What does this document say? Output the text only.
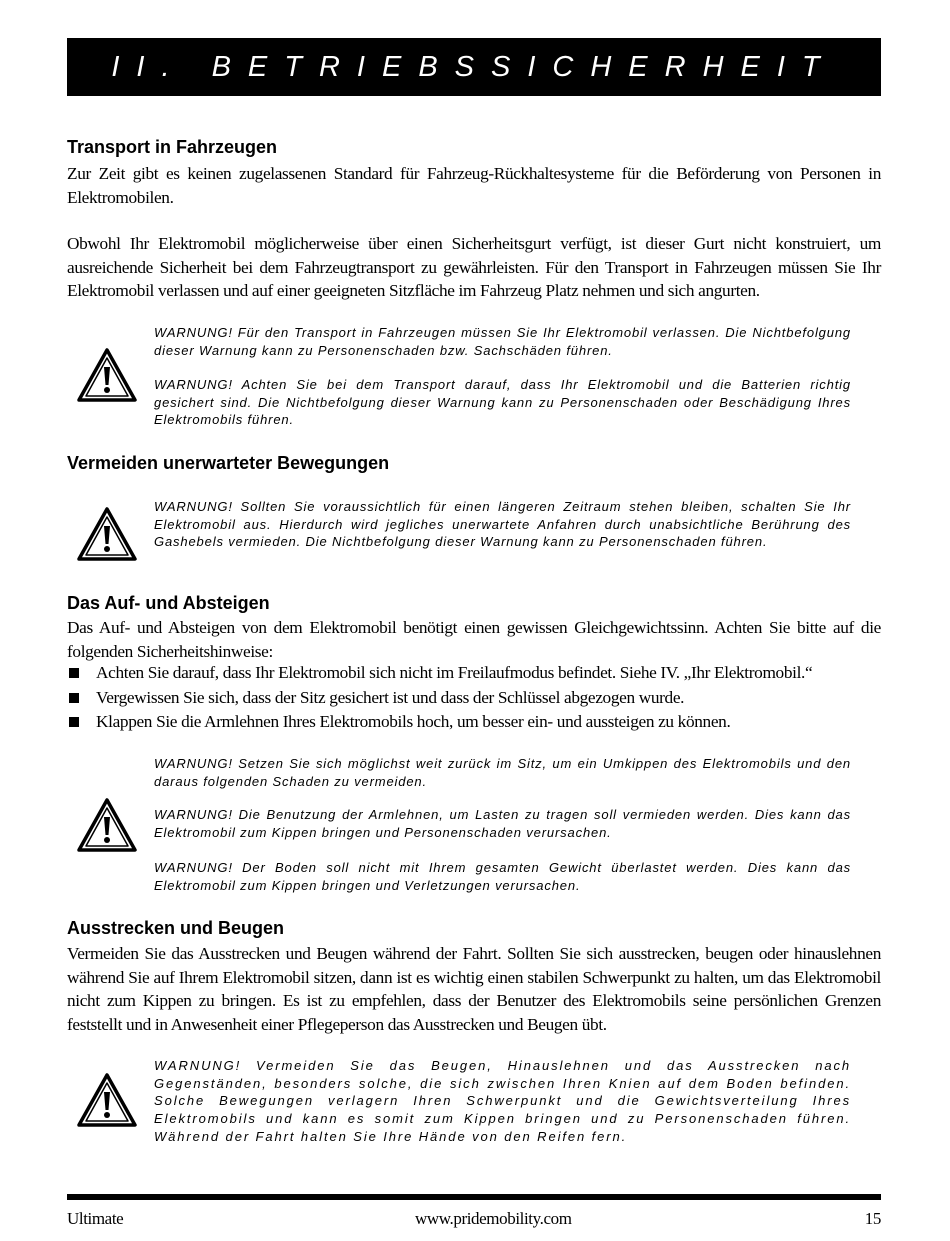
II. BETRIEBSSICHERHEIT
Transport in Fahrzeugen

Zur Zeit gibt es keinen zugelassenen Standard für Fahrzeug-Rückhaltesysteme für die Beförderung von Personen in Elektromobilen.

Obwohl Ihr Elektromobil möglicherweise über einen Sicherheitsgurt verfügt, ist dieser Gurt nicht konstruiert, um ausreichende Sicherheit bei dem Fahrzeugtransport zu gewährleisten. Für den Transport in Fahrzeugen müssen Sie Ihr Elektromobil verlassen und auf einer geeigneten Sitzfläche im Fahrzeug Platz nehmen und sich angurten.

WARNUNG! Für den Transport in Fahrzeugen müssen Sie Ihr Elektromobil verlassen. Die Nichtbefolgung dieser Warnung kann zu Personenschaden bzw. Sachschäden führen.

WARNUNG! Achten Sie bei dem Transport darauf, dass Ihr Elektromobil und die Batterien richtig gesichert sind. Die Nichtbefolgung dieser Warnung kann zu Personenschaden oder Beschädigung Ihres Elektromobils führen.

Vermeiden unerwarteter Bewegungen

WARNUNG! Sollten Sie voraussichtlich für einen längeren Zeitraum stehen bleiben, schalten Sie Ihr Elektromobil aus. Hierdurch wird jegliches unerwartete Anfahren durch unabsichtliche Berührung des Gashebels vermieden. Die Nichtbefolgung dieser Warnung kann zu Personenschaden führen.

Das Auf- und Absteigen

Das Auf- und Absteigen von dem Elektromobil benötigt einen gewissen Gleichgewichtssinn. Achten Sie bitte auf die folgenden Sicherheitshinweise:

Achten Sie darauf, dass Ihr Elektromobil sich nicht im Freilaufmodus befindet. Siehe IV. „Ihr Elektromobil.“
Vergewissen Sie sich, dass der Sitz gesichert ist und dass der Schlüssel abgezogen wurde.
Klappen Sie die Armlehnen Ihres Elektromobils hoch, um besser ein- und aussteigen zu können.

WARNUNG! Setzen Sie sich möglichst weit zurück im Sitz, um ein Umkippen des Elektromobils und den daraus folgenden Schaden zu vermeiden.

WARNUNG! Die Benutzung der Armlehnen, um Lasten zu tragen soll vermieden werden. Dies kann das Elektromobil zum Kippen bringen und Personenschaden verursachen.

WARNUNG! Der Boden soll nicht mit Ihrem gesamten Gewicht überlastet werden. Dies kann das Elektromobil zum Kippen bringen und Verletzungen verursachen.

Ausstrecken und Beugen

Vermeiden Sie das Ausstrecken und Beugen während der Fahrt. Sollten Sie sich ausstrecken, beugen oder hinauslehnen während Sie auf Ihrem Elektromobil sitzen, dann ist es wichtig einen stabilen Schwerpunkt zu halten, um das Elektromobil nicht zum Kippen zu bringen. Es ist zu empfehlen, dass der Benutzer des Elektromobils seine persönlichen Grenzen feststellt und in Anwesenheit einer Pflegeperson das Ausstrecken und Beugen übt.

WARNUNG! Vermeiden Sie das Beugen, Hinauslehnen und das Ausstrecken nach Gegenständen, besonders solche, die sich zwischen Ihren Knien auf dem Boden befinden. Solche Bewegungen verlagern Ihren Schwerpunkt und die Gewichtsverteilung Ihres Elektromobils und kann es somit zum Kippen bringen und zu Personenschaden führen. Während der Fahrt halten Sie Ihre Hände von den Reifen fern.

Ultimate	www.pridemobility.com	15
